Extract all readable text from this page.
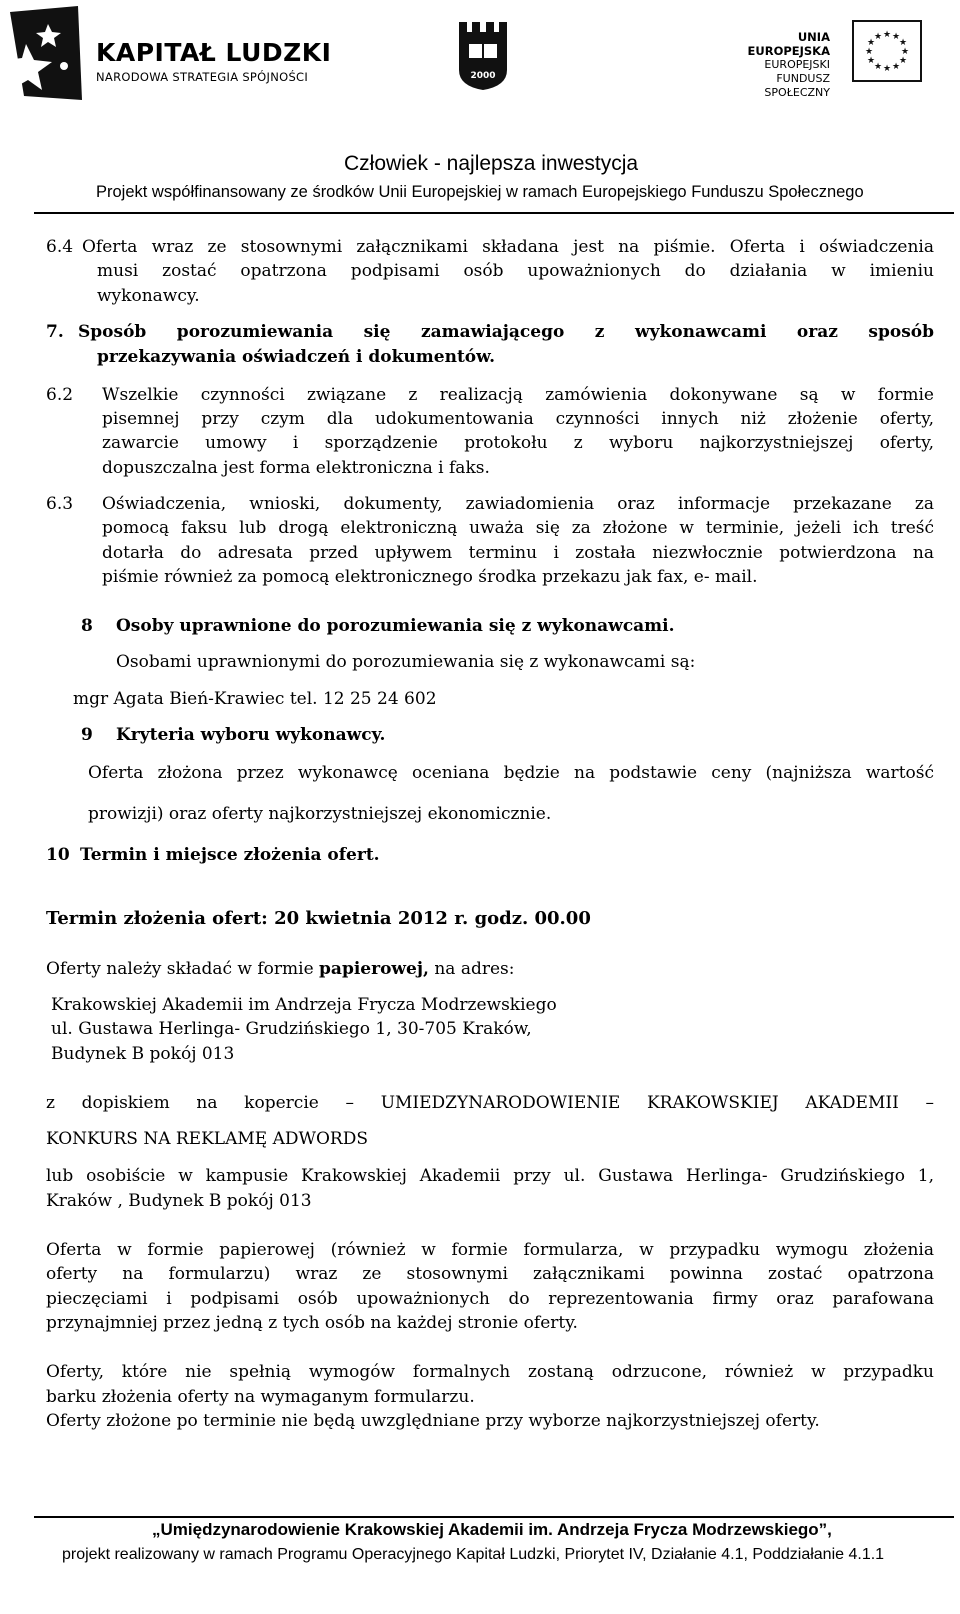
KAPITAŁ LUDZKI
NARODOWA STRATEGIA SPÓJNOŚCI	2000
UNIA EUROPEJSKA
EUROPEJSKI
FUNDUSZ SPOŁECZNY
★ ★
★
★
★
★
★
★
★
★
★
★
Człowiek - najlepsza inwestycja
Projekt współfinansowany ze środków Unii Europejskiej w ramach Europejskiego Funduszu Społecznego
6.4 Oferta wraz ze stosownymi załącznikami składana jest na piśmie. Oferta i oświadczenia
musi zostać opatrzona podpisami osób upoważnionych do działania w imieniu
wykonawcy.
7. Sposób porozumiewania się zamawiającego z wykonawcami oraz sposób
przekazywania oświadczeń i dokumentów.
6.2 Wszelkie czynności związane z realizacją zamówienia dokonywane są w formie
pisemnej przy czym dla udokumentowania czynności innych niż złożenie oferty,
zawarcie umowy i sporządzenie protokołu z wyboru najkorzystniejszej oferty,
dopuszczalna jest forma elektroniczna i faks.
6.3 Oświadczenia, wnioski, dokumenty, zawiadomienia oraz informacje przekazane za
pomocą faksu lub drogą elektroniczną uważa się za złożone w terminie, jeżeli ich treść
dotarła do adresata przed upływem terminu i została niezwłocznie potwierdzona na
piśmie również za pomocą elektronicznego środka przekazu jak fax, e- mail.
8 Osoby uprawnione do porozumiewania się z wykonawcami.
Osobami uprawnionymi do porozumiewania się z wykonawcami są:
mgr Agata Bień-Krawiec tel. 12 25 24 602
9 Kryteria wyboru wykonawcy.
Oferta złożona przez wykonawcę oceniana będzie na podstawie ceny (najniższa wartość
prowizji) oraz oferty najkorzystniejszej ekonomicznie.
10 Termin i miejsce złożenia ofert.
Termin złożenia ofert: 20 kwietnia 2012 r. godz. 00.00
Oferty należy składać w formie papierowej, na adres:
Krakowskiej Akademii im Andrzeja Frycza Modrzewskiego
ul. Gustawa Herlinga- Grudzińskiego 1, 30-705 Kraków,
Budynek B pokój 013
z dopiskiem na kopercie – UMIEDZYNARODOWIENIE KRAKOWSKIEJ AKADEMII –
KONKURS NA REKLAMĘ ADWORDS
lub osobiście w kampusie Krakowskiej Akademii przy ul. Gustawa Herlinga- Grudzińskiego 1,
Kraków , Budynek B pokój 013
Oferta w formie papierowej (również w formie formularza, w przypadku wymogu złożenia
oferty na formularzu) wraz ze stosownymi załącznikami powinna zostać opatrzona
pieczęciami i podpisami osób upoważnionych do reprezentowania firmy oraz parafowana
przynajmniej przez jedną z tych osób na każdej stronie oferty.
Oferty, które nie spełnią wymogów formalnych zostaną odrzucone, również w przypadku
barku złożenia oferty na wymaganym formularzu.
Oferty złożone po terminie nie będą uwzględniane przy wyborze najkorzystniejszej oferty.
„Umiędzynarodowienie Krakowskiej Akademii im. Andrzeja Frycza Modrzewskiego”,
projekt realizowany w ramach Programu Operacyjnego Kapitał Ludzki, Priorytet IV, Działanie 4.1, Poddziałanie 4.1.1
